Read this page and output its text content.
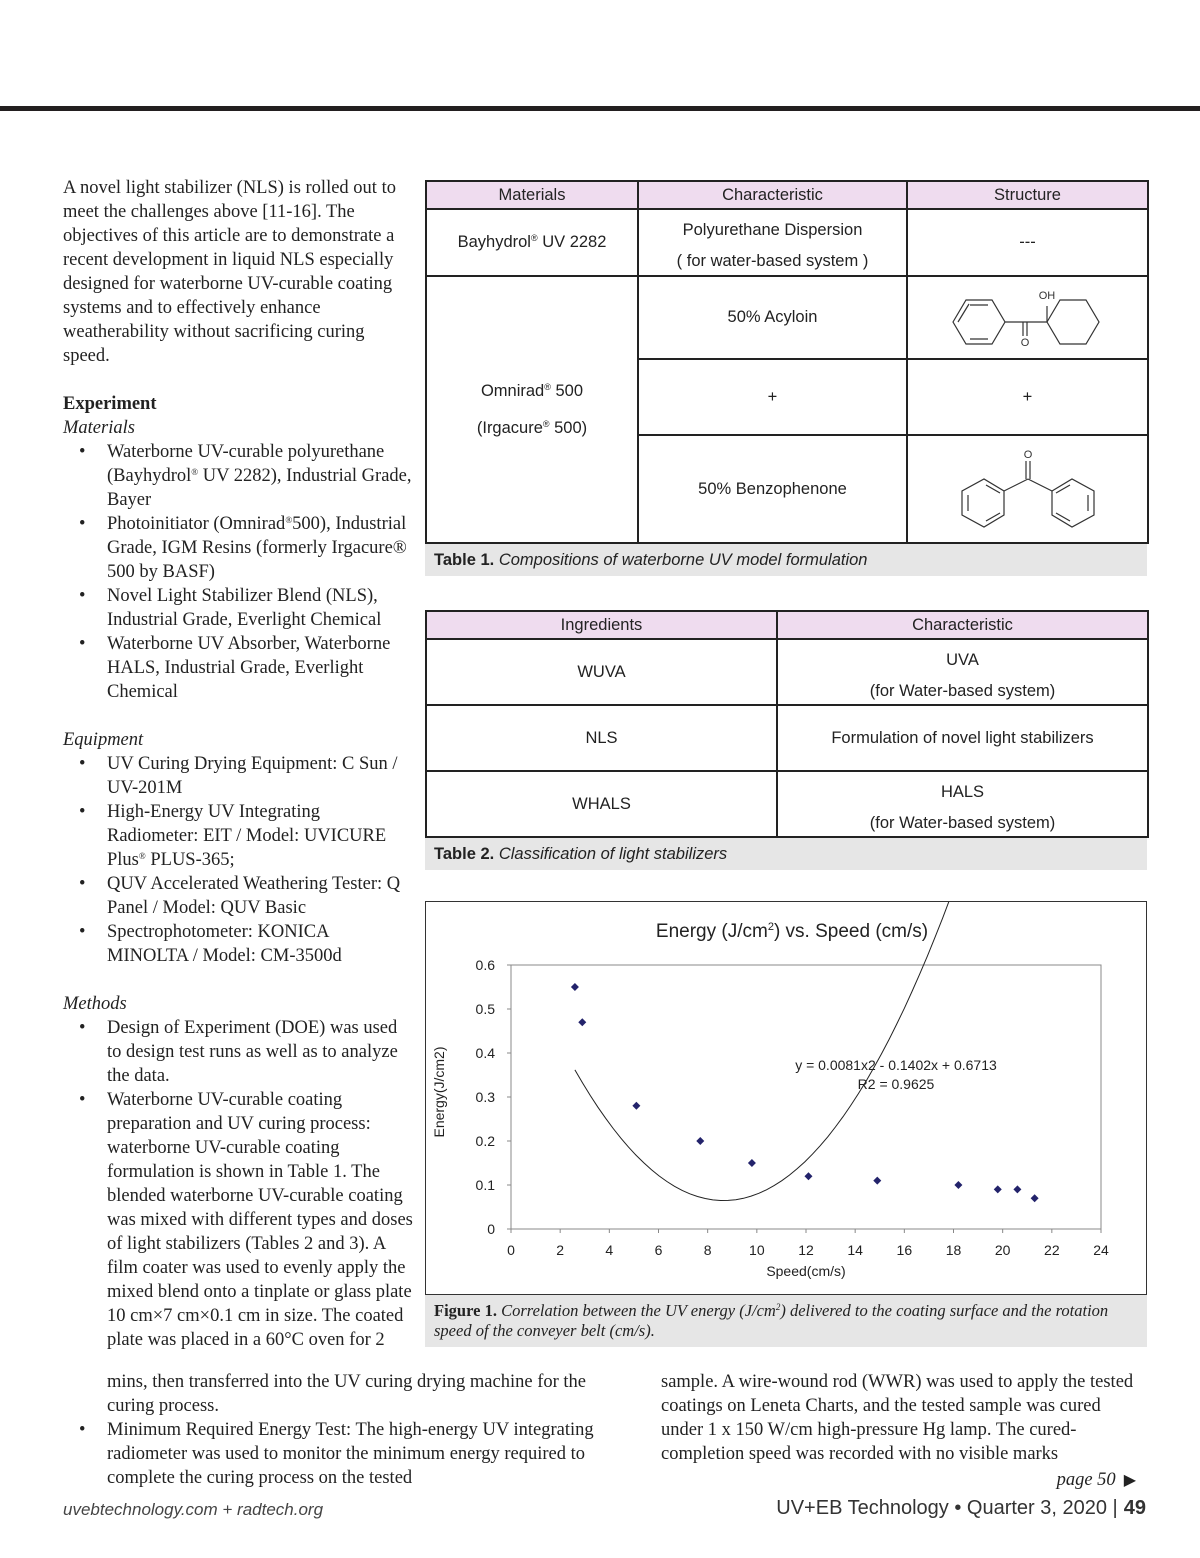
A novel light stabilizer (NLS) is rolled out to meet the challenges above [11-16]. The objectives of this article are to demonstrate a recent development in liquid NLS especially designed for waterborne UV-curable coating systems and to effectively enhance weatherability without sacrificing curing speed.

Experiment
Materials
• Waterborne UV-curable polyurethane (Bayhydrol® UV 2282), Industrial Grade, Bayer
• Photoinitiator (Omnirad®500), Industrial Grade, IGM Resins (formerly Irgacure® 500 by BASF)
• Novel Light Stabilizer Blend (NLS), Industrial Grade, Everlight Chemical
• Waterborne UV Absorber, Waterborne HALS, Industrial Grade, Everlight Chemical
Equipment
• UV Curing Drying Equipment: C Sun / UV-201M
• High-Energy UV Integrating Radiometer: EIT / Model: UVICURE Plus® PLUS-365;
• QUV Accelerated Weathering Tester: Q Panel / Model: QUV Basic
• Spectrophotometer: KONICA MINOLTA / Model: CM-3500d
Methods
• Design of Experiment (DOE) was used to design test runs as well as to analyze the data.
• Waterborne UV-curable coating preparation and UV curing process: waterborne UV-curable coating formulation is shown in Table 1. The blended waterborne UV-curable coating was mixed with different types and doses of light stabilizers (Tables 2 and 3). A film coater was used to evenly apply the mixed blend onto a tinplate or glass plate 10 cm×7 cm×0.1 cm in size. The coated plate was placed in a 60°C oven for 2
mins, then transferred into the UV curing drying machine for the curing process.
• Minimum Required Energy Test: The high-energy UV integrating radiometer was used to monitor the minimum energy required to complete the curing process on the tested
sample. A wire-wound rod (WWR) was used to apply the tested coatings on Leneta Charts, and the tested sample was cured under 1 x 150 W/cm high-pressure Hg lamp. The cured-completion speed was recorded with no visible marks
page 50 ▶
uvebtechnology.com + radtech.org	UV+EB Technology • Quarter 3, 2020 | 49
Materials	Characteristic	Structure
Bayhydrol® UV 2282	Polyurethane Dispersion
( for water-based system )	---

Omnirad® 500
(Irgacure® 500)	50% Acyloin	OH
O

	+	+
	50% Benzophenone	O
Table 1. Compositions of waterborne UV model formulation
Ingredients	Characteristic
WUVA	UVA
(for Water-based system)

NLS	Formulation of novel light stabilizers
WHALS	HALS
(for Water-based system)
Table 2. Classification of light stabilizers
Energy $(J/cm^2)$ vs. Speed (cm/s)
0
0.1
0.2
0.3
0.4
0.5
0.6
0	2	4	6	8	10 12 14 16 18 20 22 24
Energy(J/cm2)
Speed(cm/s)
y = 0.0081x2 - 0.1402x + 0.6713
R2 = 0.9625
Figure 1. Correlation between the UV energy $(J/cm^2)$ delivered to the coating surface and the rotation speed of the conveyer belt (cm/s).
